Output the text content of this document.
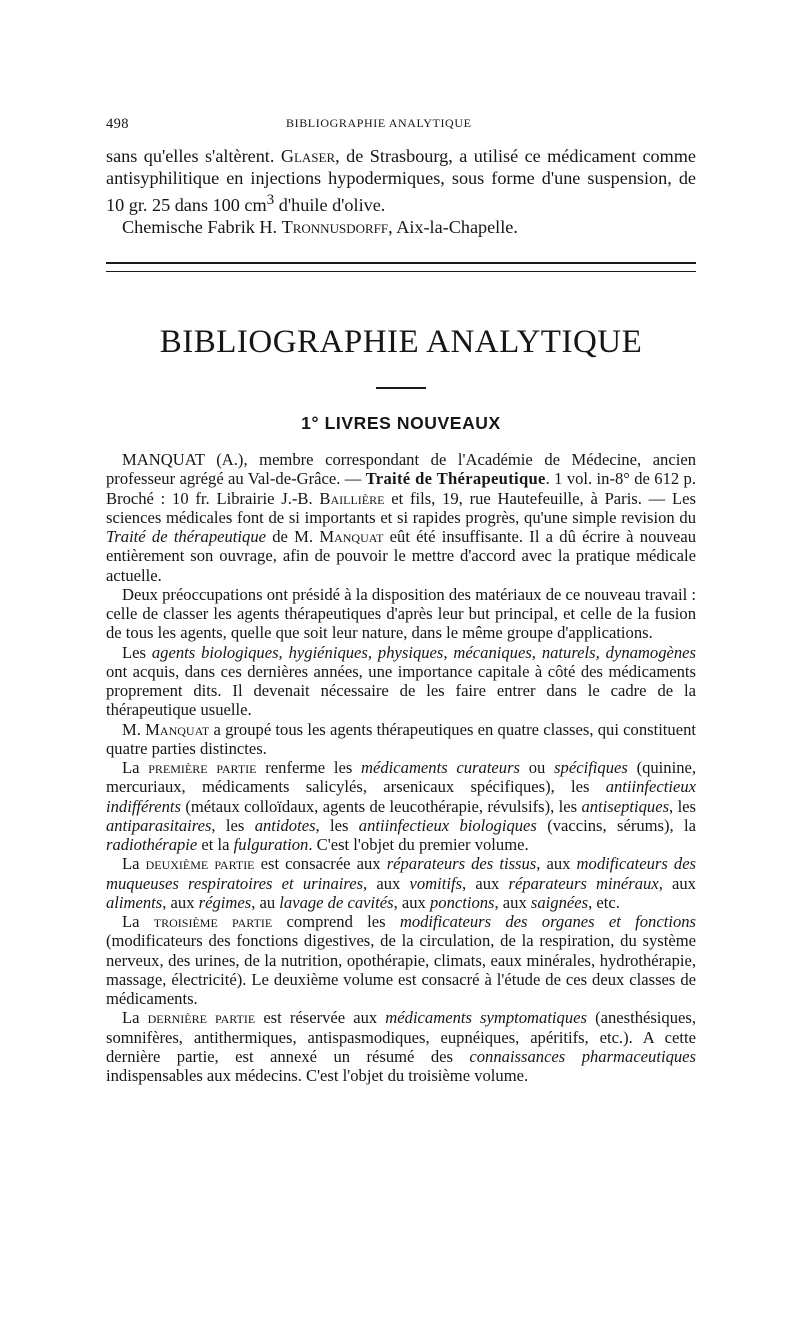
498	BIBLIOGRAPHIE ANALYTIQUE

sans qu'elles s'altèrent. Glaser, de Strasbourg, a utilisé ce médicament comme antisyphilitique en injections hypodermiques, sous forme d'une suspension, de 10 gr. 25 dans 100 $cm^3$ d'huile d'olive.

Chemische Fabrik H. Tronnusdorff, Aix-la-Chapelle.

BIBLIOGRAPHIE ANALYTIQUE
1° LIVRES NOUVEAUX

MANQUAT (A.), membre correspondant de l'Académie de Médecine, ancien professeur agrégé au Val-de-Grâce. — Traité de Thérapeutique. 1 vol. in-8° de 612 p. Broché : 10 fr. Librairie J.-B. Baillière et fils, 19, rue Hautefeuille, à Paris. — Les sciences médicales font de si importants et si rapides progrès, qu'une simple revision du Traité de thérapeutique de M. Manquat eût été insuffisante. Il a dû écrire à nouveau entièrement son ouvrage, afin de pouvoir le mettre d'accord avec la pratique médicale actuelle.

Deux préoccupations ont présidé à la disposition des matériaux de ce nouveau travail : celle de classer les agents thérapeutiques d'après leur but principal, et celle de la fusion de tous les agents, quelle que soit leur nature, dans le même groupe d'applications.

Les agents biologiques, hygiéniques, physiques, mécaniques, naturels, dynamogènes ont acquis, dans ces dernières années, une importance capitale à côté des médicaments proprement dits. Il devenait nécessaire de les faire entrer dans le cadre de la thérapeutique usuelle.

M. Manquat a groupé tous les agents thérapeutiques en quatre classes, qui constituent quatre parties distinctes.

La première partie renferme les médicaments curateurs ou spécifiques (quinine, mercuriaux, médicaments salicylés, arsenicaux spécifiques), les antiinfectieux indifférents (métaux colloïdaux, agents de leucothérapie, révulsifs), les antiseptiques, les antiparasitaires, les antidotes, les antiinfectieux biologiques (vaccins, sérums), la radiothérapie et la fulguration. C'est l'objet du premier volume.

La deuxième partie est consacrée aux réparateurs des tissus, aux modificateurs des muqueuses respiratoires et urinaires, aux vomitifs, aux réparateurs minéraux, aux aliments, aux régimes, au lavage de cavités, aux ponctions, aux saignées, etc.

La troisième partie comprend les modificateurs des organes et fonctions (modificateurs des fonctions digestives, de la circulation, de la respiration, du système nerveux, des urines, de la nutrition, opothérapie, climats, eaux minérales, hydrothérapie, massage, électricité). Le deuxième volume est consacré à l'étude de ces deux classes de médicaments.

La dernière partie est réservée aux médicaments symptomatiques (anesthésiques, somnifères, antithermiques, antispasmodiques, eupnéiques, apéritifs, etc.). A cette dernière partie, est annexé un résumé des connaissances pharmaceutiques indispensables aux médecins. C'est l'objet du troisième volume.
